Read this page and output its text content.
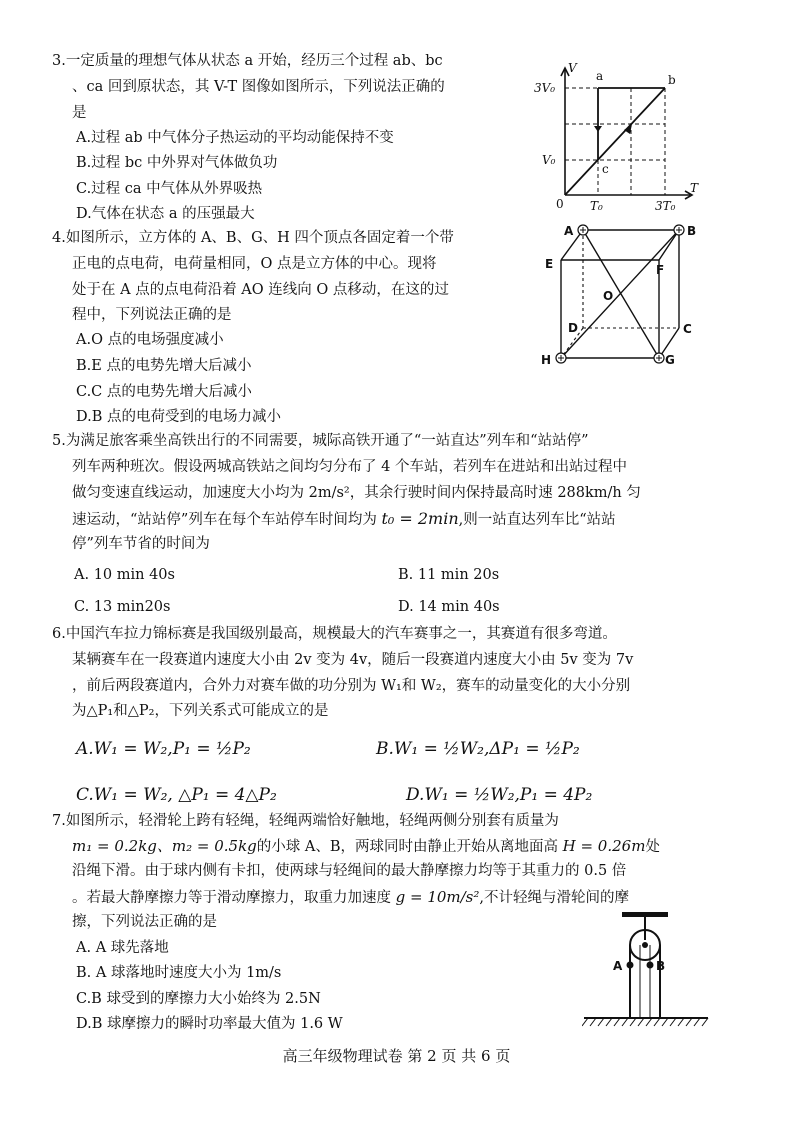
3.一定质量的理想气体从状态 a 开始，经历三个过程 ab、bc
、ca 回到原状态，其 V-T 图像如图所示，下列说法正确的
是
A.过程 ab 中气体分子热运动的平均动能保持不变
B.过程 bc 中外界对气体做负功
C.过程 ca 中气体从外界吸热
D.气体在状态 a 的压强最大
V
T
0
a	b
c
3V₀
V₀
T₀	3T₀
4.如图所示，立方体的 A、B、G、H 四个顶点各固定着一个带
正电的点电荷，电荷量相同，O 点是立方体的中心。现将
处于在 A 点的点电荷沿着 AO 连线向 O 点移动，在这的过
程中，下列说法正确的是
A.O 点的电场强度减小
B.E 点的电势先增大后减小
C.C 点的电势先增大后减小
D.B 点的电荷受到的电场力减小
A	B
C
D
E	F
G
H
O
5.为满足旅客乘坐高铁出行的不同需要，城际高铁开通了“一站直达”列车和“站站停”
列车两种班次。假设两城高铁站之间均匀分布了 4 个车站，若列车在进站和出站过程中
做匀变速直线运动，加速度大小均为 2m/s²，其余行驶时间内保持最高时速 288km/h 匀
速运动，“站站停”列车在每个车站停车时间均为 t₀ = 2min,则一站直达列车比“站站
停”列车节省的时间为
A. 10 min 40s	B. 11 min 20s
C. 13 min20s	D. 14 min 40s
6.中国汽车拉力锦标赛是我国级别最高，规模最大的汽车赛事之一，其赛道有很多弯道。
某辆赛车在一段赛道内速度大小由 2v 变为 4v，随后一段赛道内速度大小由 5v 变为 7v
，前后两段赛道内，合外力对赛车做的功分别为 W₁和 W₂，赛车的动量变化的大小分别
为△P₁和△P₂，下列关系式可能成立的是
A.W₁ = W₂,P₁ = ½P₂	B.W₁ = ½W₂,ΔP₁ = ½P₂
C.W₁ = W₂, △P₁ = 4△P₂	D.W₁ = ½W₂,P₁ = 4P₂
7.如图所示，轻滑轮上跨有轻绳，轻绳两端恰好触地，轻绳两侧分别套有质量为
m₁ = 0.2kg、m₂ = 0.5kg的小球 A、B，两球同时由静止开始从离地面高 H = 0.26m处
沿绳下滑。由于球内侧有卡扣，使两球与轻绳间的最大静摩擦力均等于其重力的 0.5 倍
。若最大静摩擦力等于滑动摩擦力，取重力加速度 g = 10m/s²,不计轻绳与滑轮间的摩
擦，下列说法正确的是
A. A 球先落地
B. A 球落地时速度大小为 1m/s
C.B 球受到的摩擦力大小始终为 2.5N
D.B 球摩擦力的瞬时功率最大值为 1.6 W
A	B
高三年级物理试卷 第 2 页 共 6 页
